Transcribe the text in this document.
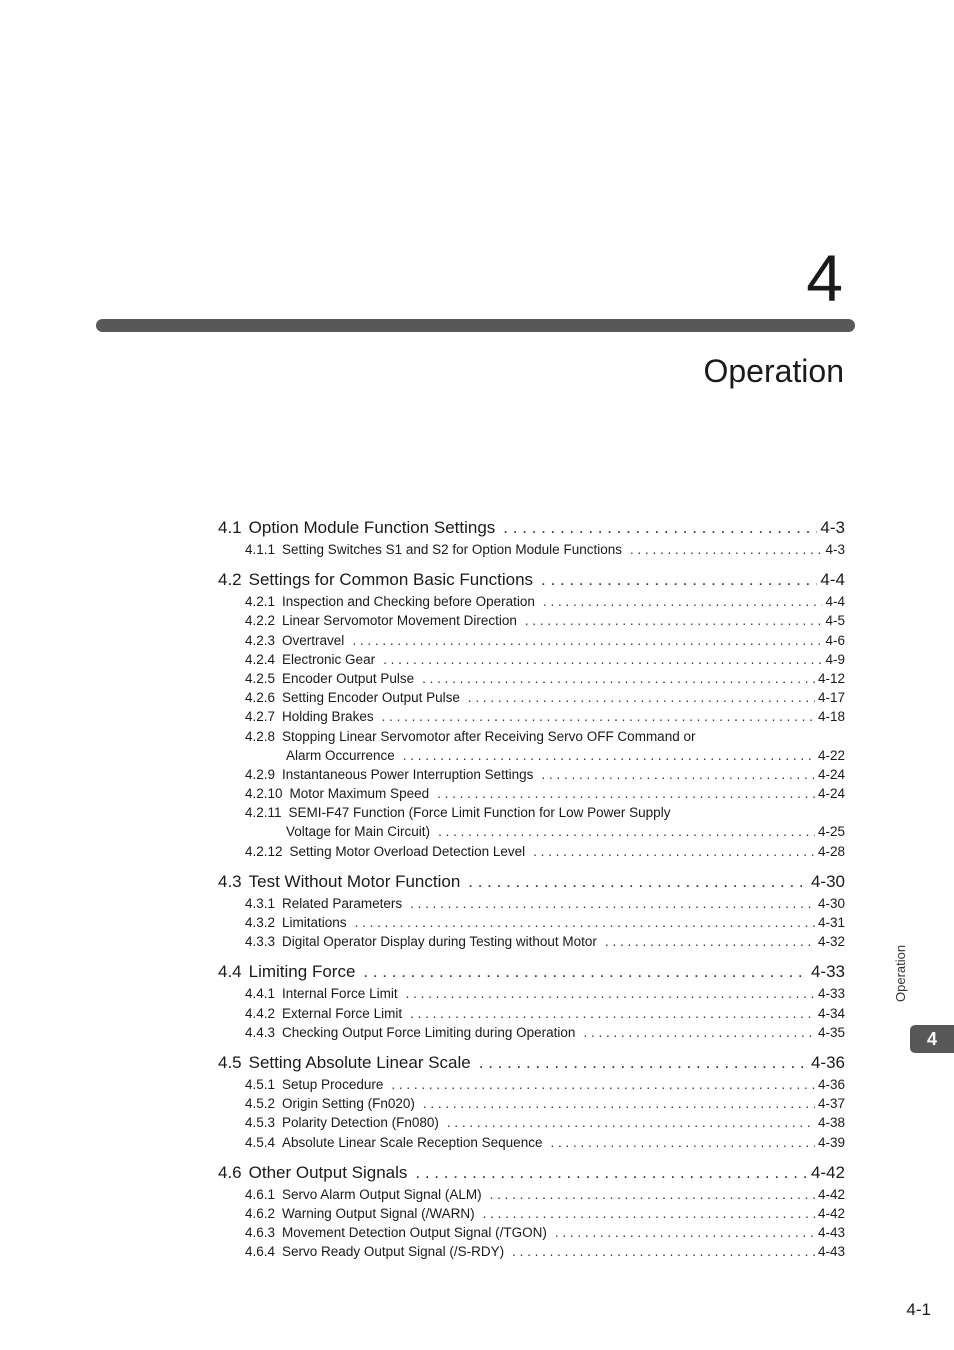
4
Operation
4.1 Option Module Function Settings . . .	4-3
4.1.1 Setting Switches S1 and S2 for Option Module Functions . . .	4-3
4.2 Settings for Common Basic Functions . . .	4-4
4.2.1 Inspection and Checking before Operation . . .	4-4
4.2.2 Linear Servomotor Movement Direction . . .	4-5
4.2.3 Overtravel . . .	4-6
4.2.4 Electronic Gear . . .	4-9
4.2.5 Encoder Output Pulse . . .	4-12
4.2.6 Setting Encoder Output Pulse . . .	4-17
4.2.7 Holding Brakes . . .	4-18
4.2.8 Stopping Linear Servomotor after Receiving Servo OFF Command or
Alarm Occurrence . . .	4-22
4.2.9 Instantaneous Power Interruption Settings . . .	4-24
4.2.10 Motor Maximum Speed . . .	4-24
4.2.11 SEMI-F47 Function (Force Limit Function for Low Power Supply
Voltage for Main Circuit) . . .	4-25
4.2.12 Setting Motor Overload Detection Level . . .	4-28
4.3 Test Without Motor Function . . .	4-30
4.3.1 Related Parameters . . .	4-30
4.3.2 Limitations . . .	4-31
4.3.3 Digital Operator Display during Testing without Motor . . .	4-32
4.4 Limiting Force . . .	4-33
4.4.1 Internal Force Limit . . .	4-33
4.4.2 External Force Limit . . .	4-34
4.4.3 Checking Output Force Limiting during Operation . . .	4-35
4.5 Setting Absolute Linear Scale . . .	4-36
4.5.1 Setup Procedure . . .	4-36
4.5.2 Origin Setting (Fn020) . . .	4-37
4.5.3 Polarity Detection (Fn080) . . .	4-38
4.5.4 Absolute Linear Scale Reception Sequence . . .	4-39
4.6 Other Output Signals . . .	4-42
4.6.1 Servo Alarm Output Signal (ALM) . . .	4-42
4.6.2 Warning Output Signal (/WARN) . . .	4-42
4.6.3 Movement Detection Output Signal (/TGON) . . .	4-43
4.6.4 Servo Ready Output Signal (/S-RDY) . . .	4-43
Operation
4
4-1
